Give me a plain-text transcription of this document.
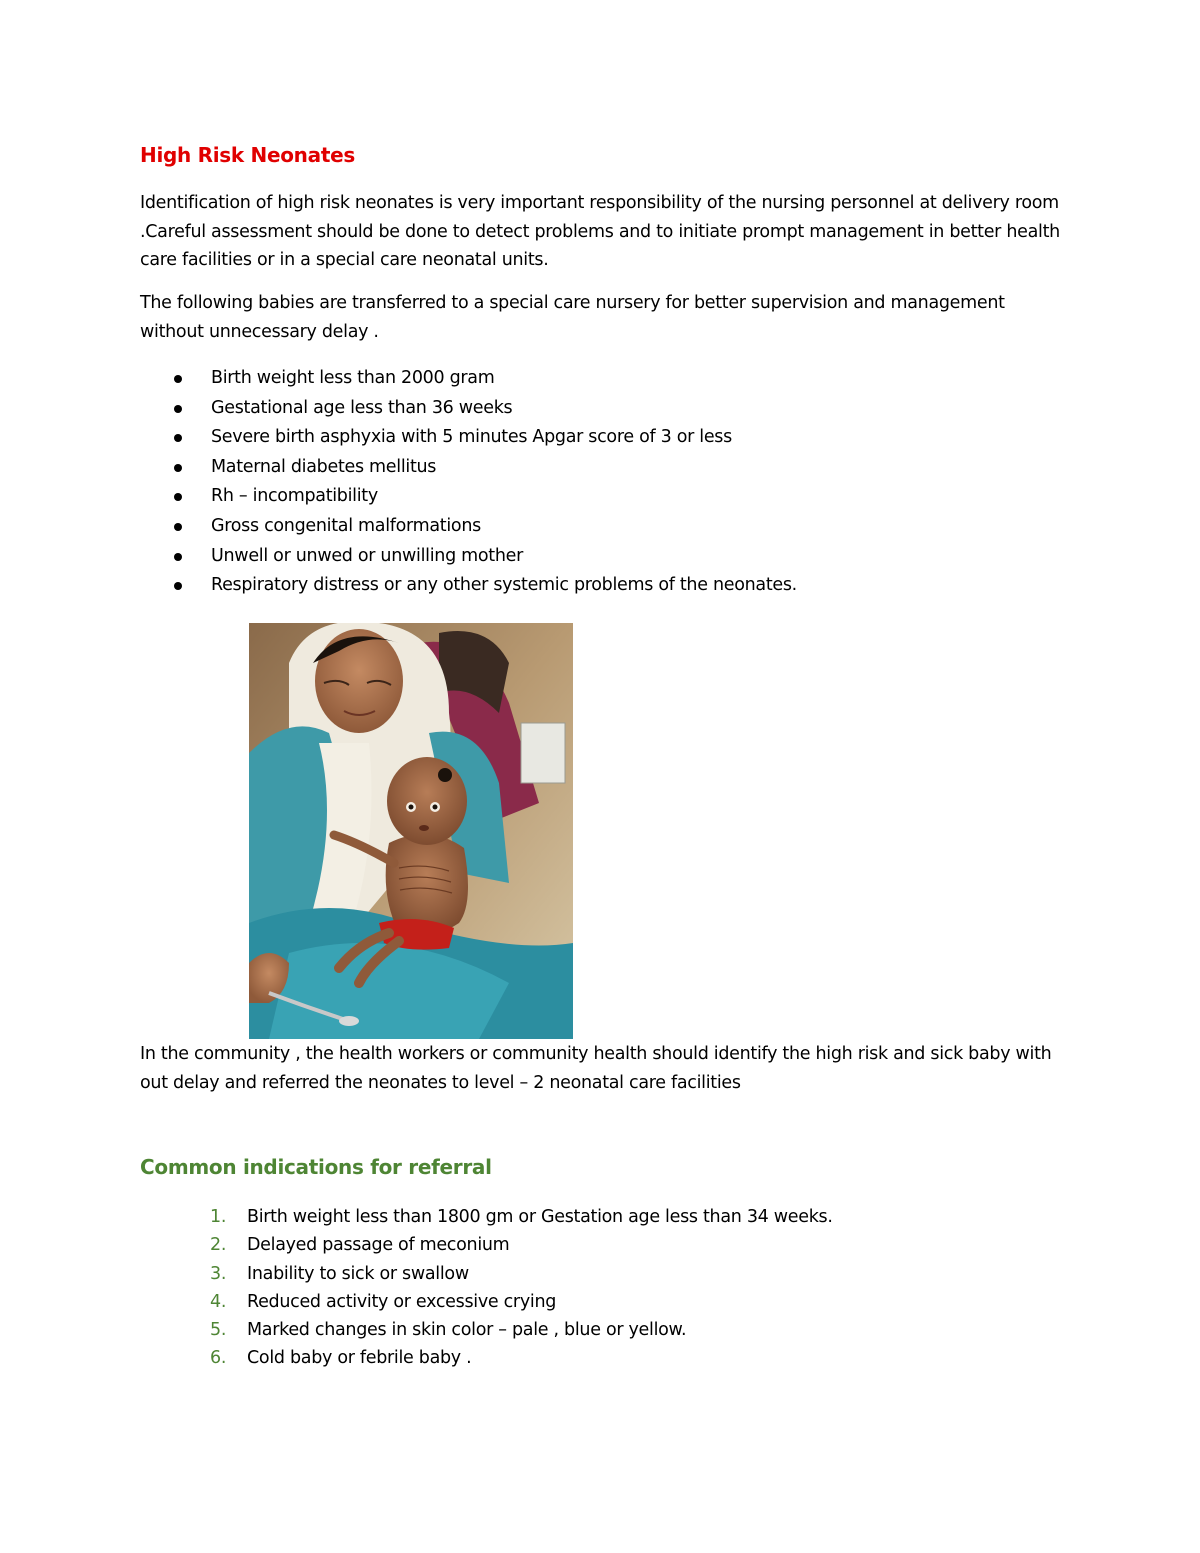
High Risk Neonates
Identification of high risk neonates is very important responsibility of the nursing personnel at delivery room .Careful assessment should be done to detect problems and to initiate prompt management in better health care facilities or in a special care neonatal units.
The following babies are transferred to a special care nursery for better supervision and management without unnecessary delay .
Birth weight less than 2000 gram
Gestational age less than 36 weeks
Severe birth asphyxia with 5 minutes Apgar score of 3 or less
Maternal diabetes mellitus
Rh – incompatibility
Gross congenital malformations
Unwell or unwed or unwilling mother
Respiratory distress or any other systemic problems of the neonates.
In the community , the health workers or community health should identify the high risk and sick baby with out delay and referred the neonates to level – 2 neonatal care facilities
Common indications for referral
1. Birth weight less than 1800 gm or Gestation age less than 34 weeks.
2. Delayed passage of meconium
3. Inability to sick or swallow
4. Reduced activity or excessive crying
5. Marked changes in skin color – pale , blue or yellow.
6. Cold baby or febrile baby .
